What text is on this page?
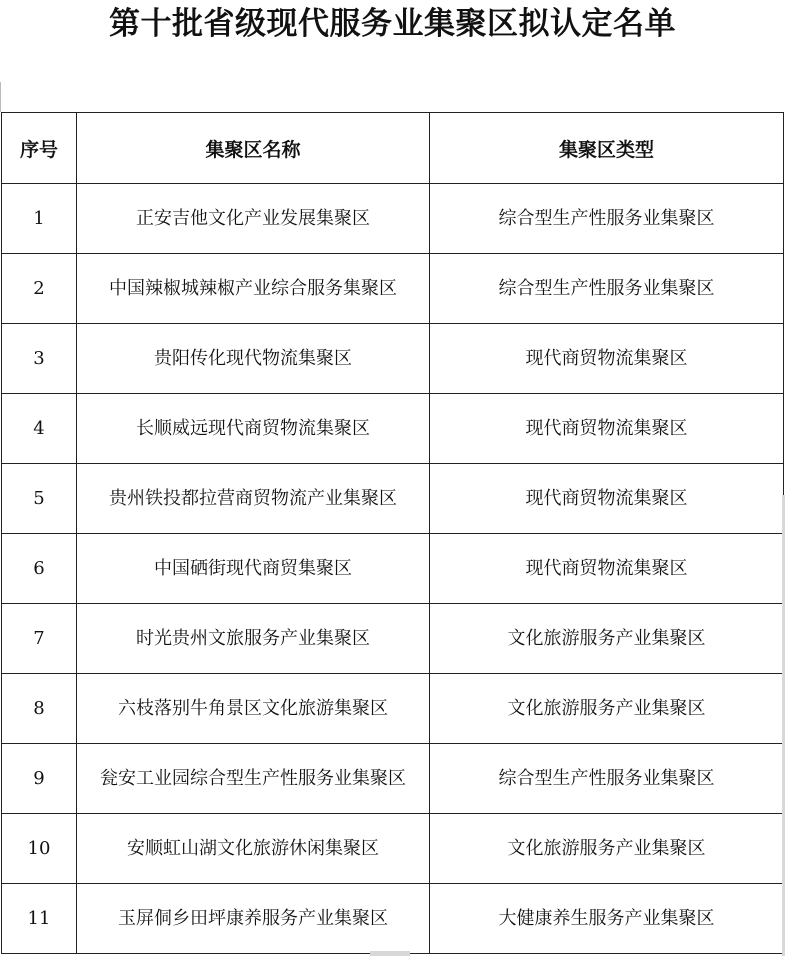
第十批省级现代服务业集聚区拟认定名单
序号	集聚区名称	集聚区类型
1	正安吉他文化产业发展集聚区	综合型生产性服务业集聚区
2	中国辣椒城辣椒产业综合服务集聚区	综合型生产性服务业集聚区
3	贵阳传化现代物流集聚区	现代商贸物流集聚区
4	长顺威远现代商贸物流集聚区	现代商贸物流集聚区
5	贵州铁投都拉营商贸物流产业集聚区	现代商贸物流集聚区
6	中国硒街现代商贸集聚区	现代商贸物流集聚区
7	时光贵州文旅服务产业集聚区	文化旅游服务产业集聚区
8	六枝落别牛角景区文化旅游集聚区	文化旅游服务产业集聚区
9	瓮安工业园综合型生产性服务业集聚区	综合型生产性服务业集聚区
10	安顺虹山湖文化旅游休闲集聚区	文化旅游服务产业集聚区
11	玉屏侗乡田坪康养服务产业集聚区	大健康养生服务产业集聚区
